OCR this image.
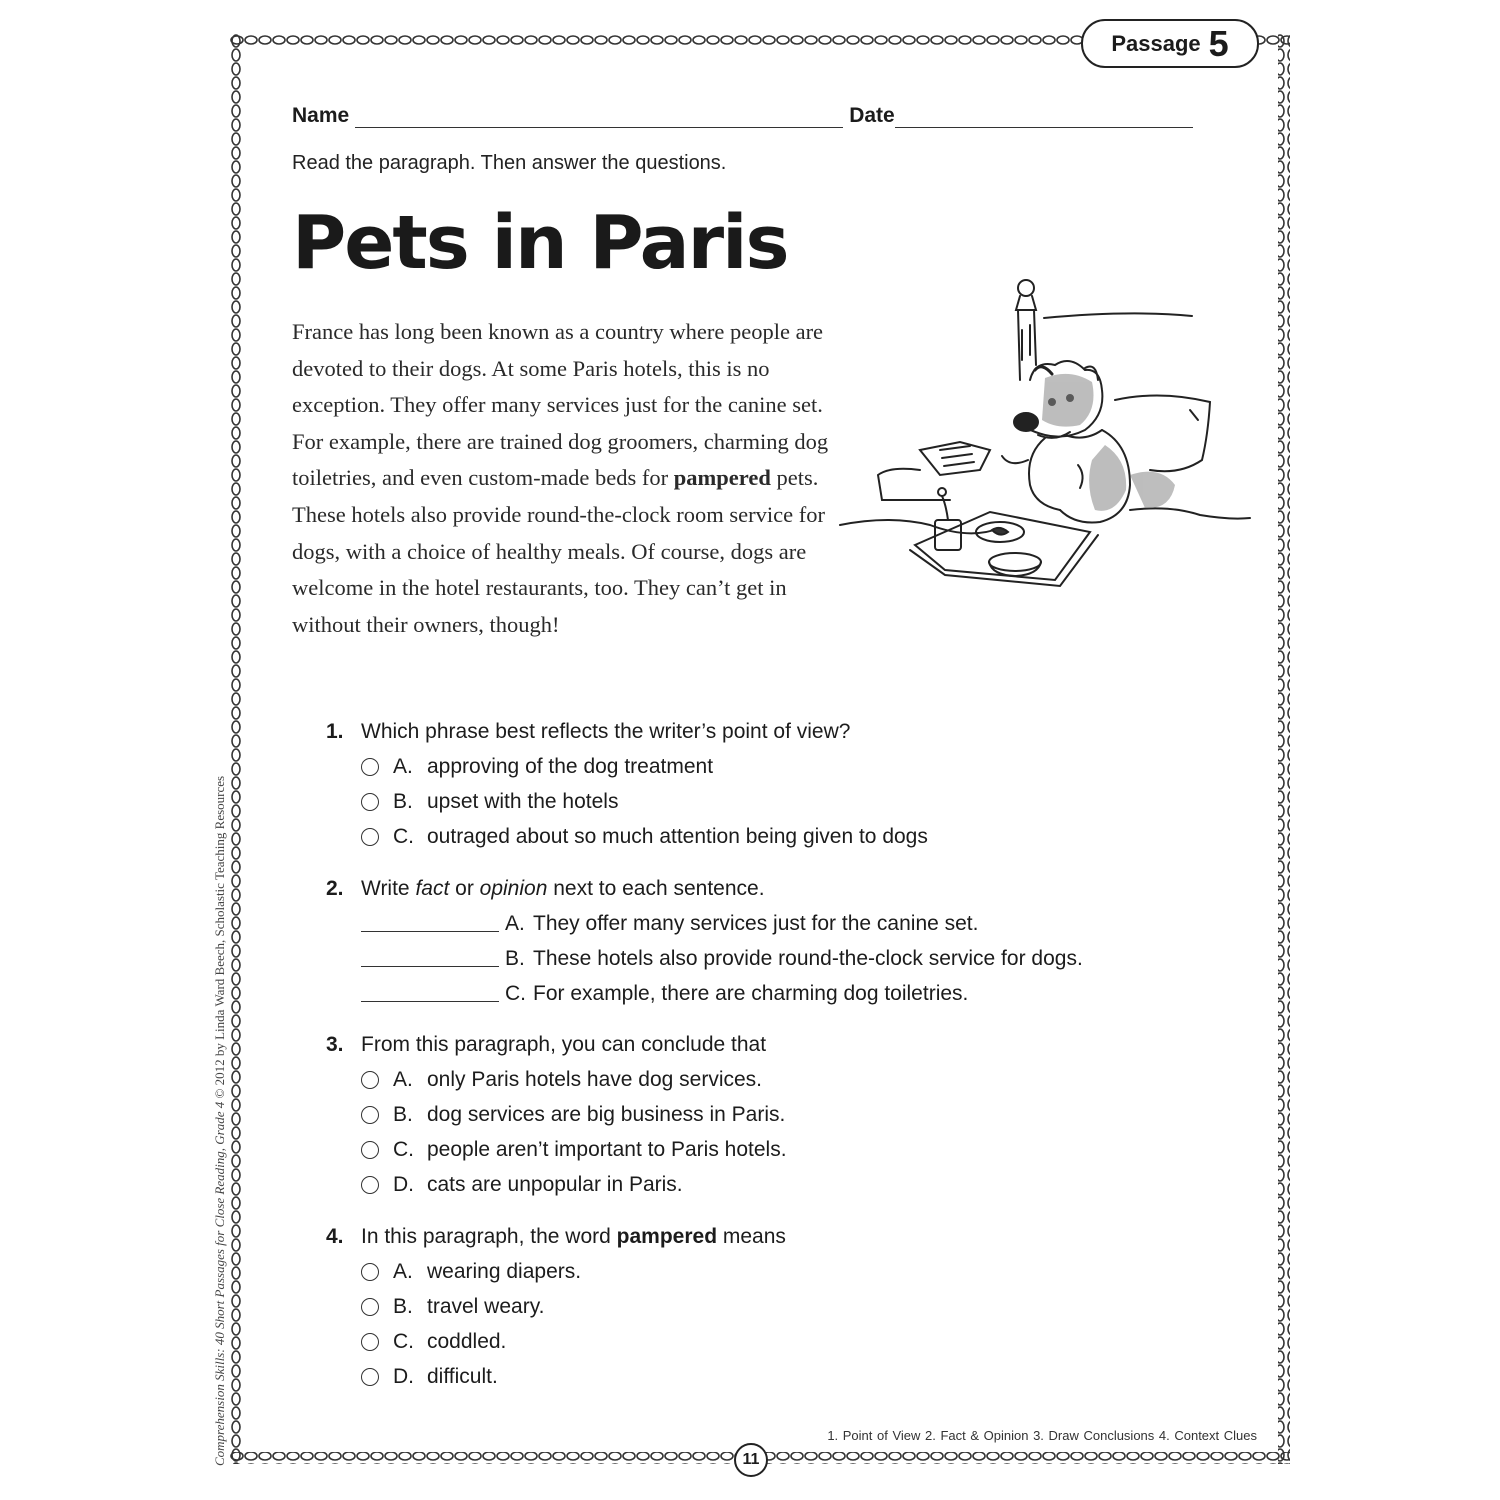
Passage 5
Name	Date
Read the paragraph. Then answer the questions.
Pets in Paris

France has long been known as a country where people are devoted to their dogs. At some Paris hotels, this is no exception. They offer many services just for the canine set. For example, there are trained dog groomers, charming dog toiletries, and even custom-made beds for pampered pets. These hotels also provide round-the-clock room service for dogs, with a choice of healthy meals. Of course, dogs are welcome in the hotel restaurants, too. They can’t get in without their owners, though!

1. Which phrase best reflects the writer’s point of view?
A. approving of the dog treatment
B. upset with the hotels
C. outraged about so much attention being given to dogs
2. Write fact or opinion next to each sentence.
A. They offer many services just for the canine set.
B. These hotels also provide round-the-clock service for dogs.
C. For example, there are charming dog toiletries.
3. From this paragraph, you can conclude that
A. only Paris hotels have dog services.
B. dog services are big business in Paris.
C. people aren’t important to Paris hotels.
D. cats are unpopular in Paris.
4. In this paragraph, the word pampered means
A. wearing diapers.
B. travel weary.
C. coddled.
D. difficult.
1. Point of View 2. Fact & Opinion 3. Draw Conclusions 4. Context Clues
11
Comprehension Skills: 40 Short Passages for Close Reading, Grade 4 © 2012 by Linda Ward Beech, Scholastic Teaching Resources
